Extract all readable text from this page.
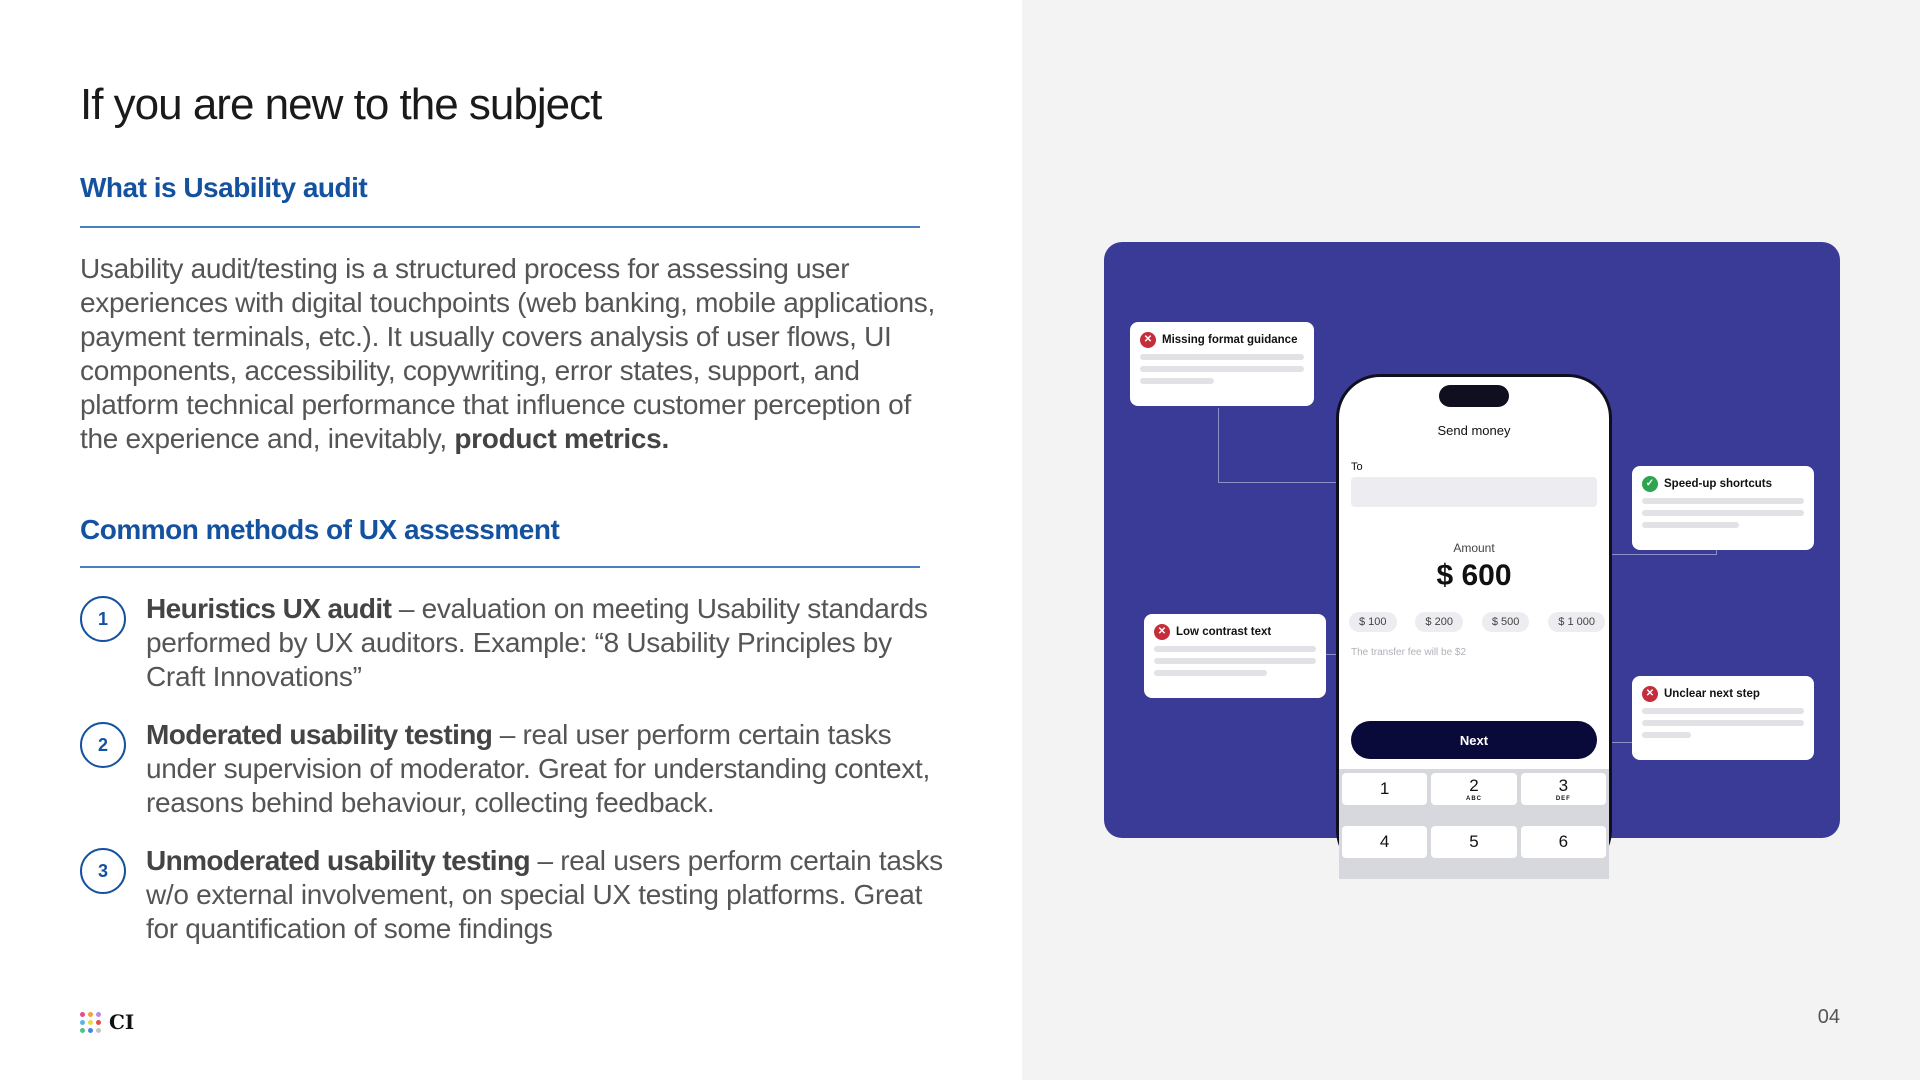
If you are new to the subject
What is Usability audit

Usability audit/testing is a structured process for assessing user experiences with digital touchpoints (web banking, mobile applications, payment terminals, etc.). It usually covers analysis of user flows, UI components, accessibility, copywriting, error states, support, and platform technical performance that influence customer perception of the experience and, inevitably, product metrics.

Common methods of UX assessment
1	Heuristics UX audit – evaluation on meeting Usability standards performed by UX auditors. Example: “8 Usability Principles by Craft Innovations”
2	Moderated usability testing – real user perform certain tasks under supervision of moderator. Great for understanding context, reasons behind behaviour, collecting feedback.
3	Unmoderated usability testing – real users perform certain tasks w/o external involvement, on special UX testing platforms. Great for quantification of some findings
CI	04
Send money
To
Amount
$ 600
$ 100	$ 200	$ 500	$ 1 000
The transfer fee will be $2
Next
1	2
ABC
3
DEF
4	5	6
✕ Missing format guidance
✕ Low contrast text
✓ Speed-up shortcuts
✕ Unclear next step
